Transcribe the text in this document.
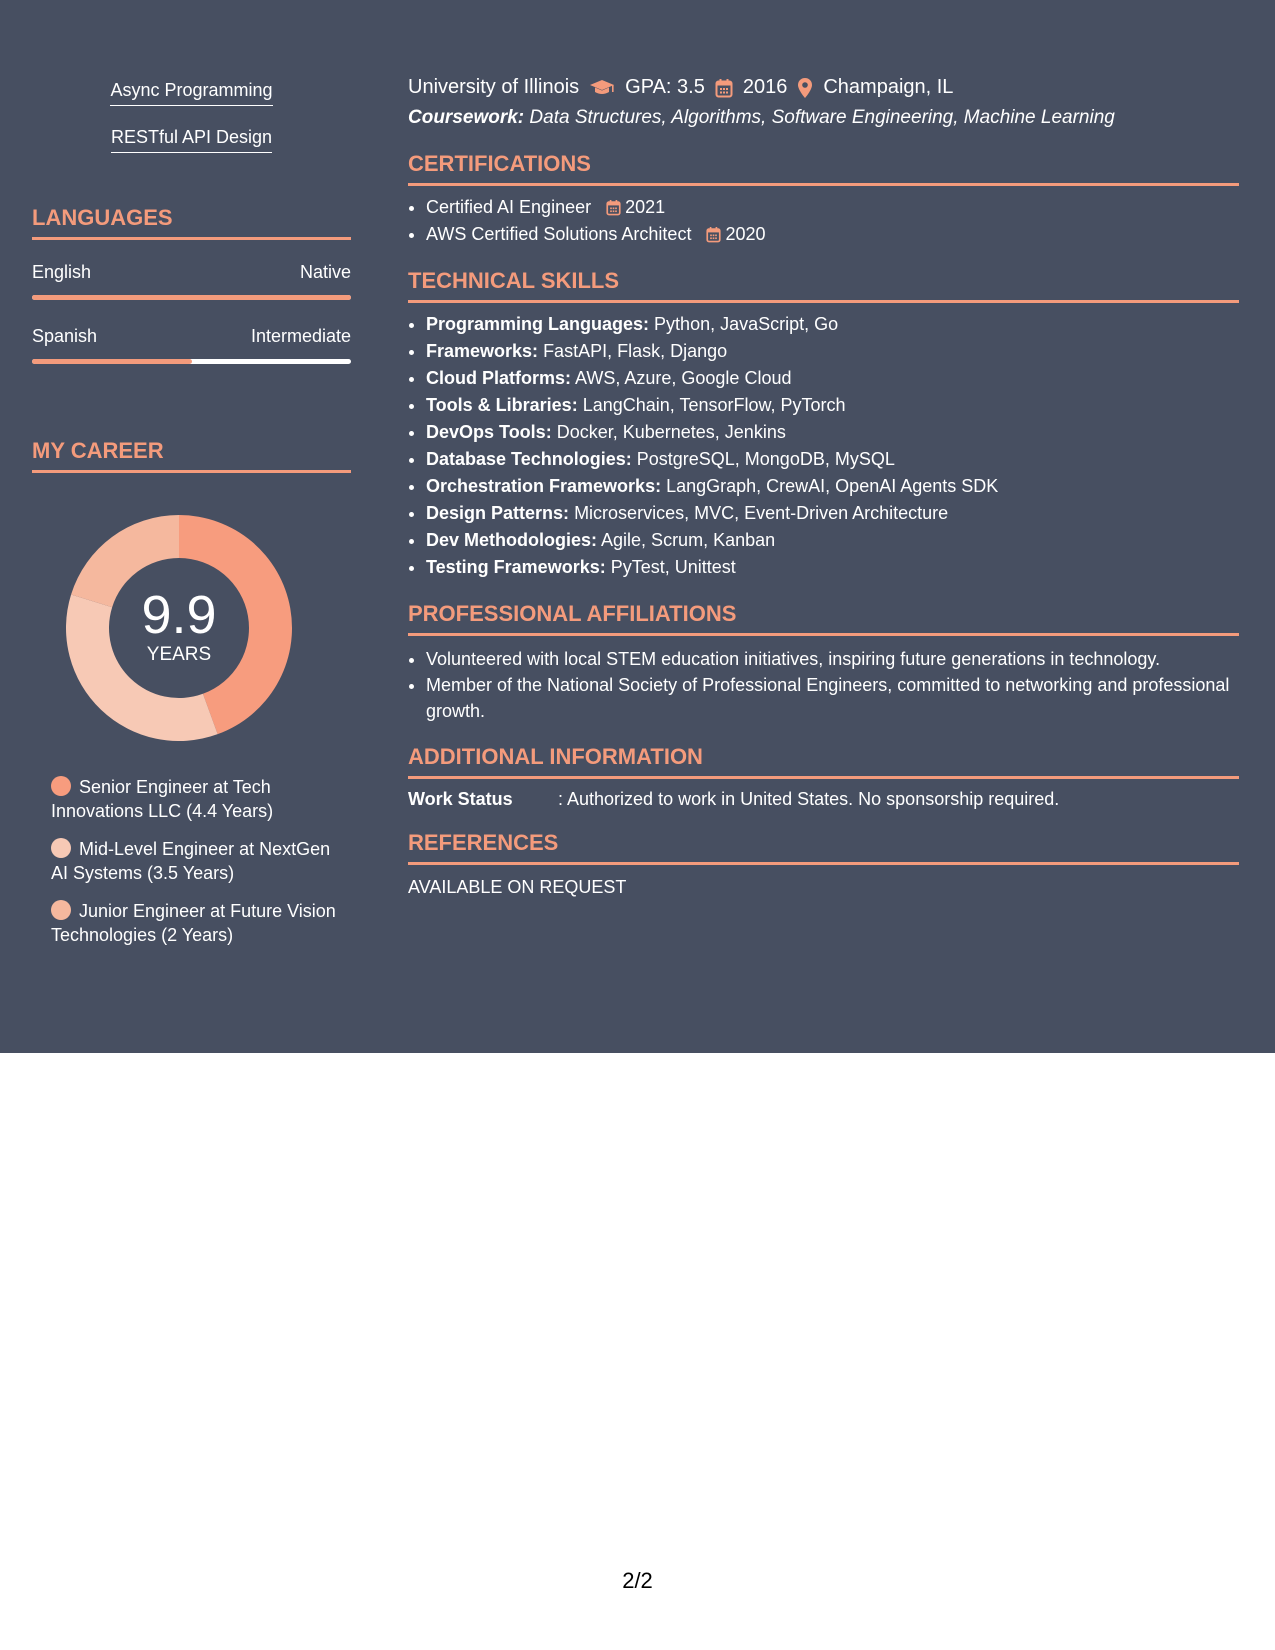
Async Programming
RESTful API Design
LANGUAGES
English	Native
Spanish	Intermediate
MY CAREER
9.9
YEARS
Senior Engineer at Tech Innovations LLC (4.4 Years)
Mid-Level Engineer at NextGen AI Systems (3.5 Years)
Junior Engineer at Future Vision Technologies (2 Years)
University of Illinois GPA: 3.5 2016 Champaign, IL
Coursework: Data Structures, Algorithms, Software Engineering, Machine Learning
CERTIFICATIONS
• Certified AI Engineer 2021
• AWS Certified Solutions Architect 2020
TECHNICAL SKILLS
• Programming Languages: Python, JavaScript, Go
• Frameworks: FastAPI, Flask, Django
• Cloud Platforms: AWS, Azure, Google Cloud
• Tools & Libraries: LangChain, TensorFlow, PyTorch
• DevOps Tools: Docker, Kubernetes, Jenkins
• Database Technologies: PostgreSQL, MongoDB, MySQL
• Orchestration Frameworks: LangGraph, CrewAI, OpenAI Agents SDK
• Design Patterns: Microservices, MVC, Event-Driven Architecture
• Dev Methodologies: Agile, Scrum, Kanban
• Testing Frameworks: PyTest, Unittest
PROFESSIONAL AFFILIATIONS
• Volunteered with local STEM education initiatives, inspiring future generations in technology.
• Member of the National Society of Professional Engineers, committed to networking and professional growth.
ADDITIONAL INFORMATION
Work Status	: Authorized to work in United States. No sponsorship required.
REFERENCES
AVAILABLE ON REQUEST
2/2
